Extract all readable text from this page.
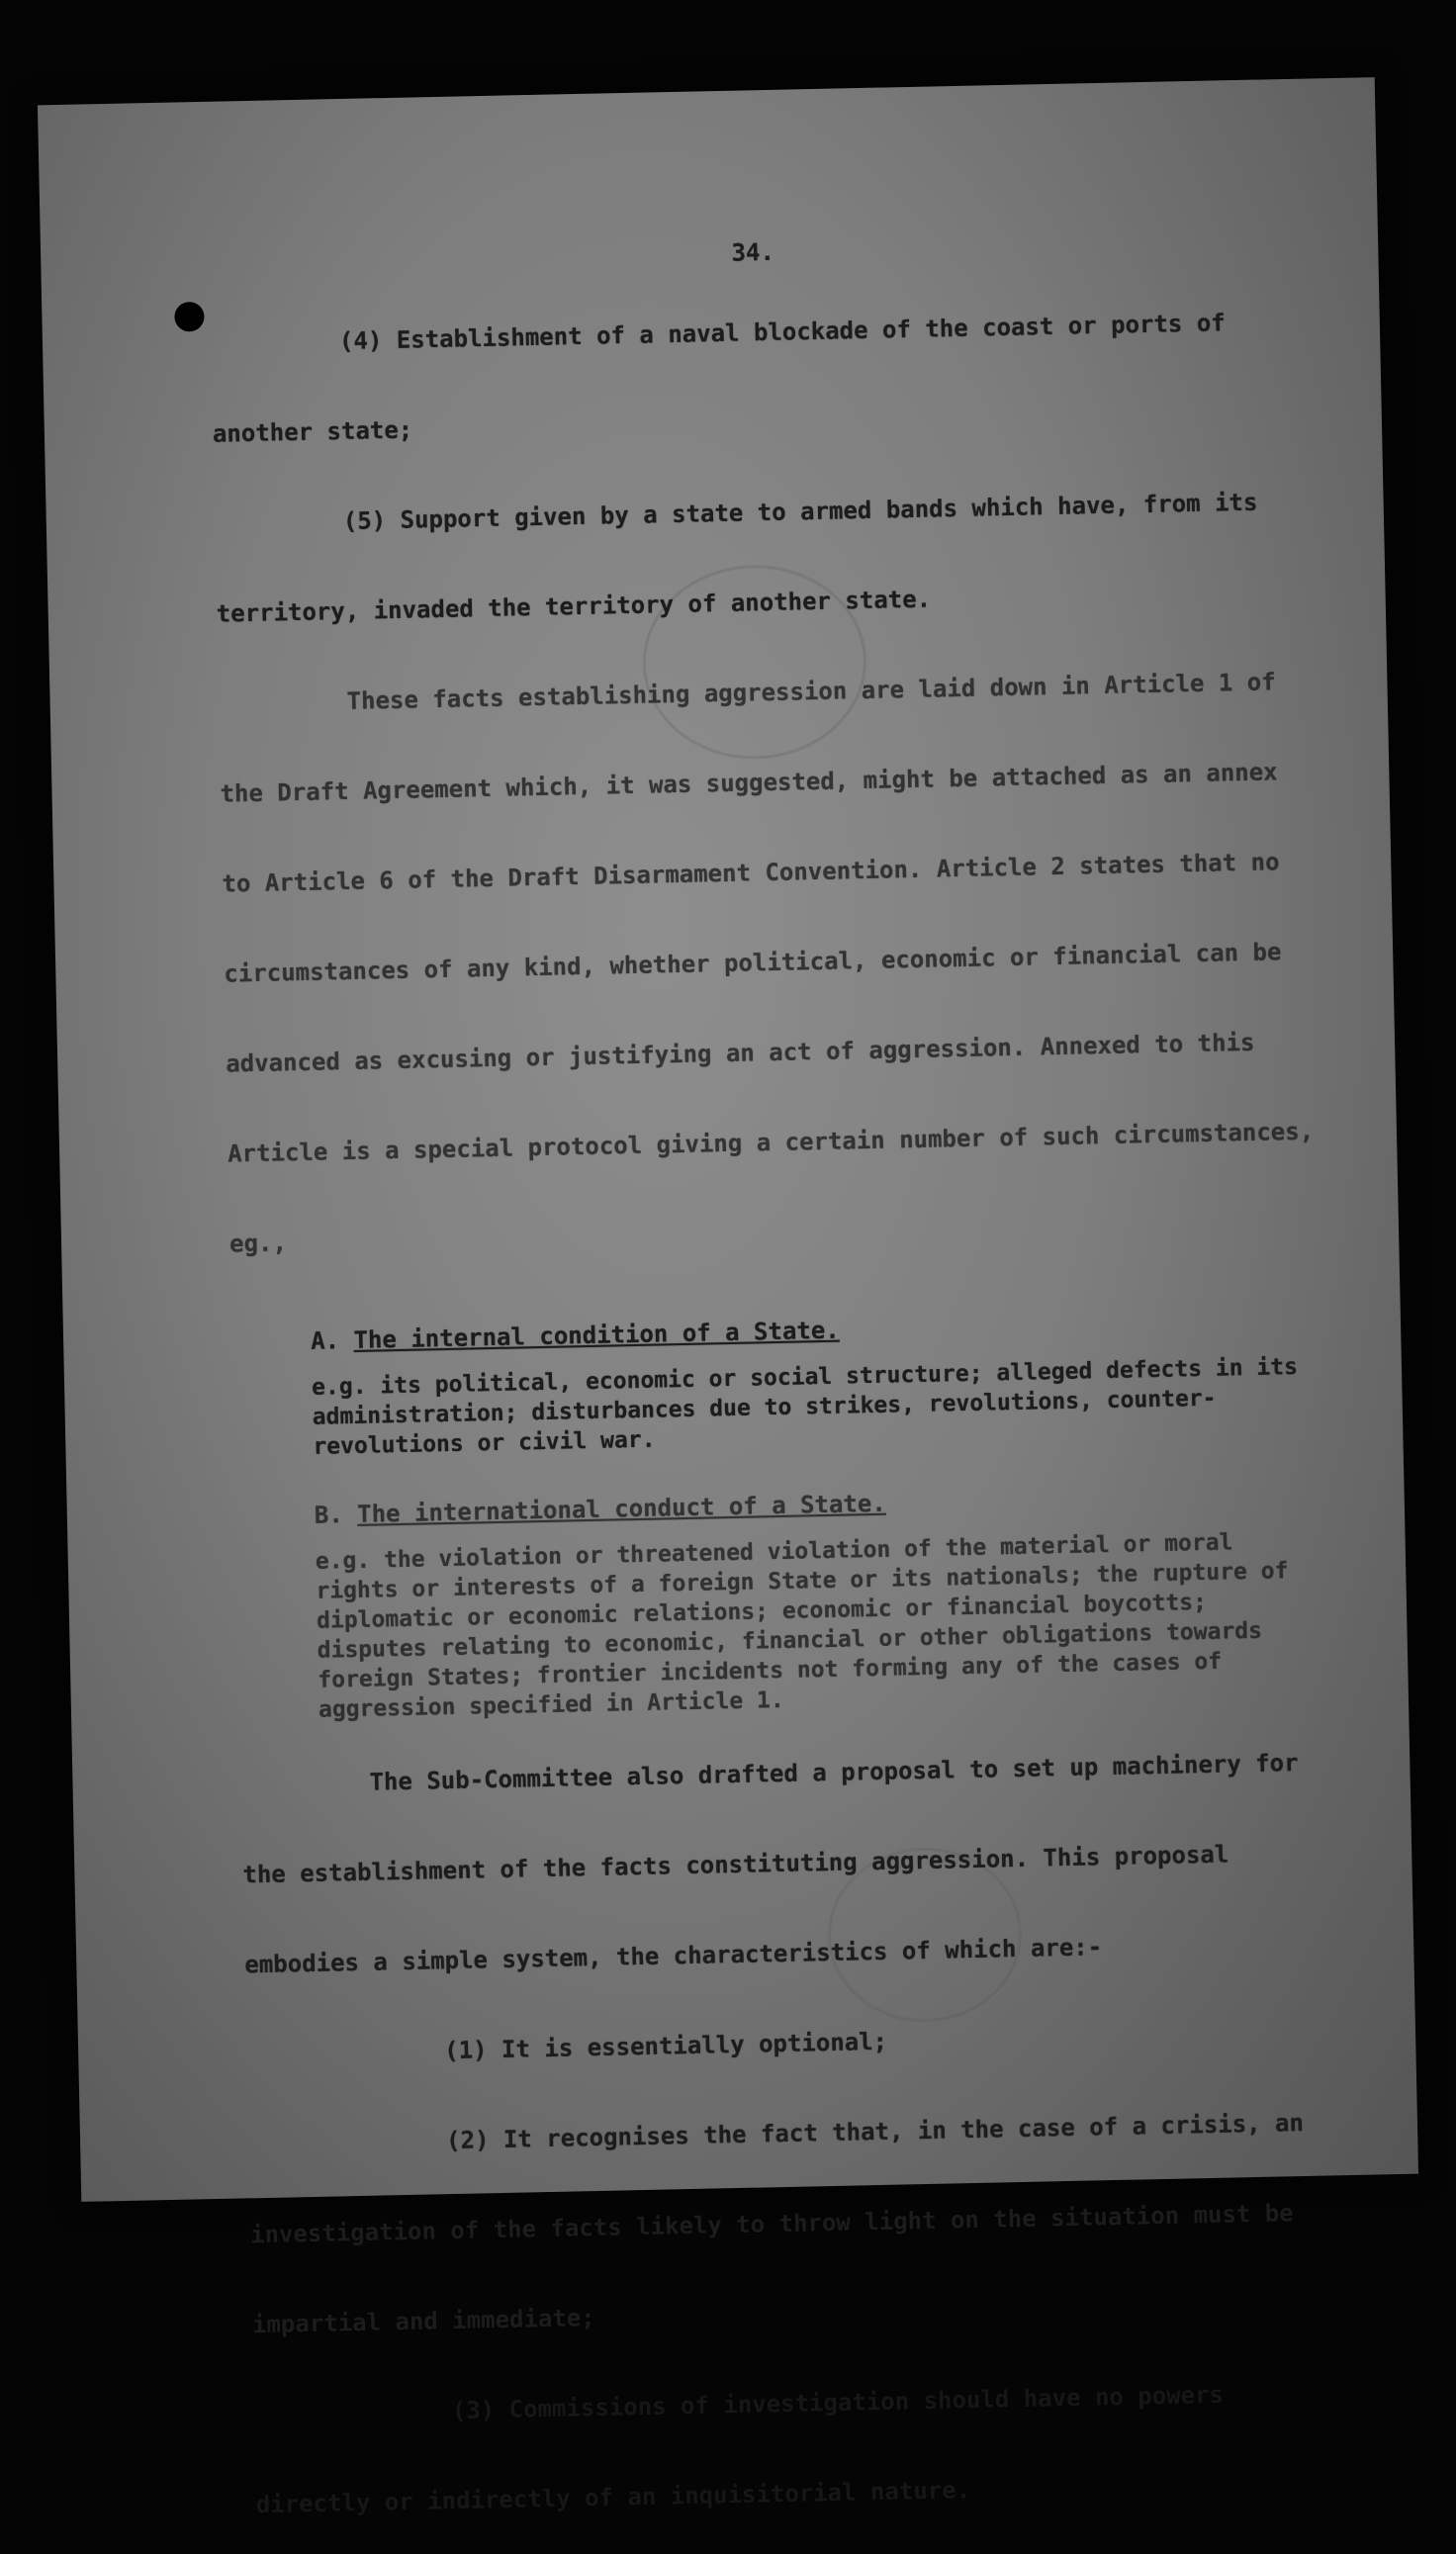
34.

(4) Establishment of a naval blockade of the coast or ports of another state;

(5) Support given by a state to armed bands which have, from its territory, invaded the territory of another state.

These facts establishing aggression are laid down in Article 1 of the Draft Agreement which, it was suggested, might be attached as an annex to Article 6 of the Draft Disarmament Convention. Article 2 states that no circumstances of any kind, whether political, economic or financial can be advanced as excusing or justifying an act of aggression. Annexed to this Article is a special protocol giving a certain number of such circumstances, eg.,

A. The internal condition of a State.
e.g. its political, economic or social structure; alleged defects in its administration; disturbances due to strikes, revolutions, counter-revolutions or civil war.
B. The international conduct of a State.
e.g. the violation or threatened violation of the material or moral rights or interests of a foreign State or its nationals; the rupture of diplomatic or economic relations; economic or financial boycotts; disputes relating to economic, financial or other obligations towards foreign States; frontier incidents not forming any of the cases of aggression specified in Article 1.

The Sub-Committee also drafted a proposal to set up machinery for the establishment of the facts constituting aggression. This proposal embodies a simple system, the characteristics of which are:-

(1) It is essentially optional;

(2) It recognises the fact that, in the case of a crisis, an investigation of the facts likely to throw light on the situation must be impartial and immediate;

(3) Commissions of investigation should have no powers directly or indirectly of an inquisitorial nature.
